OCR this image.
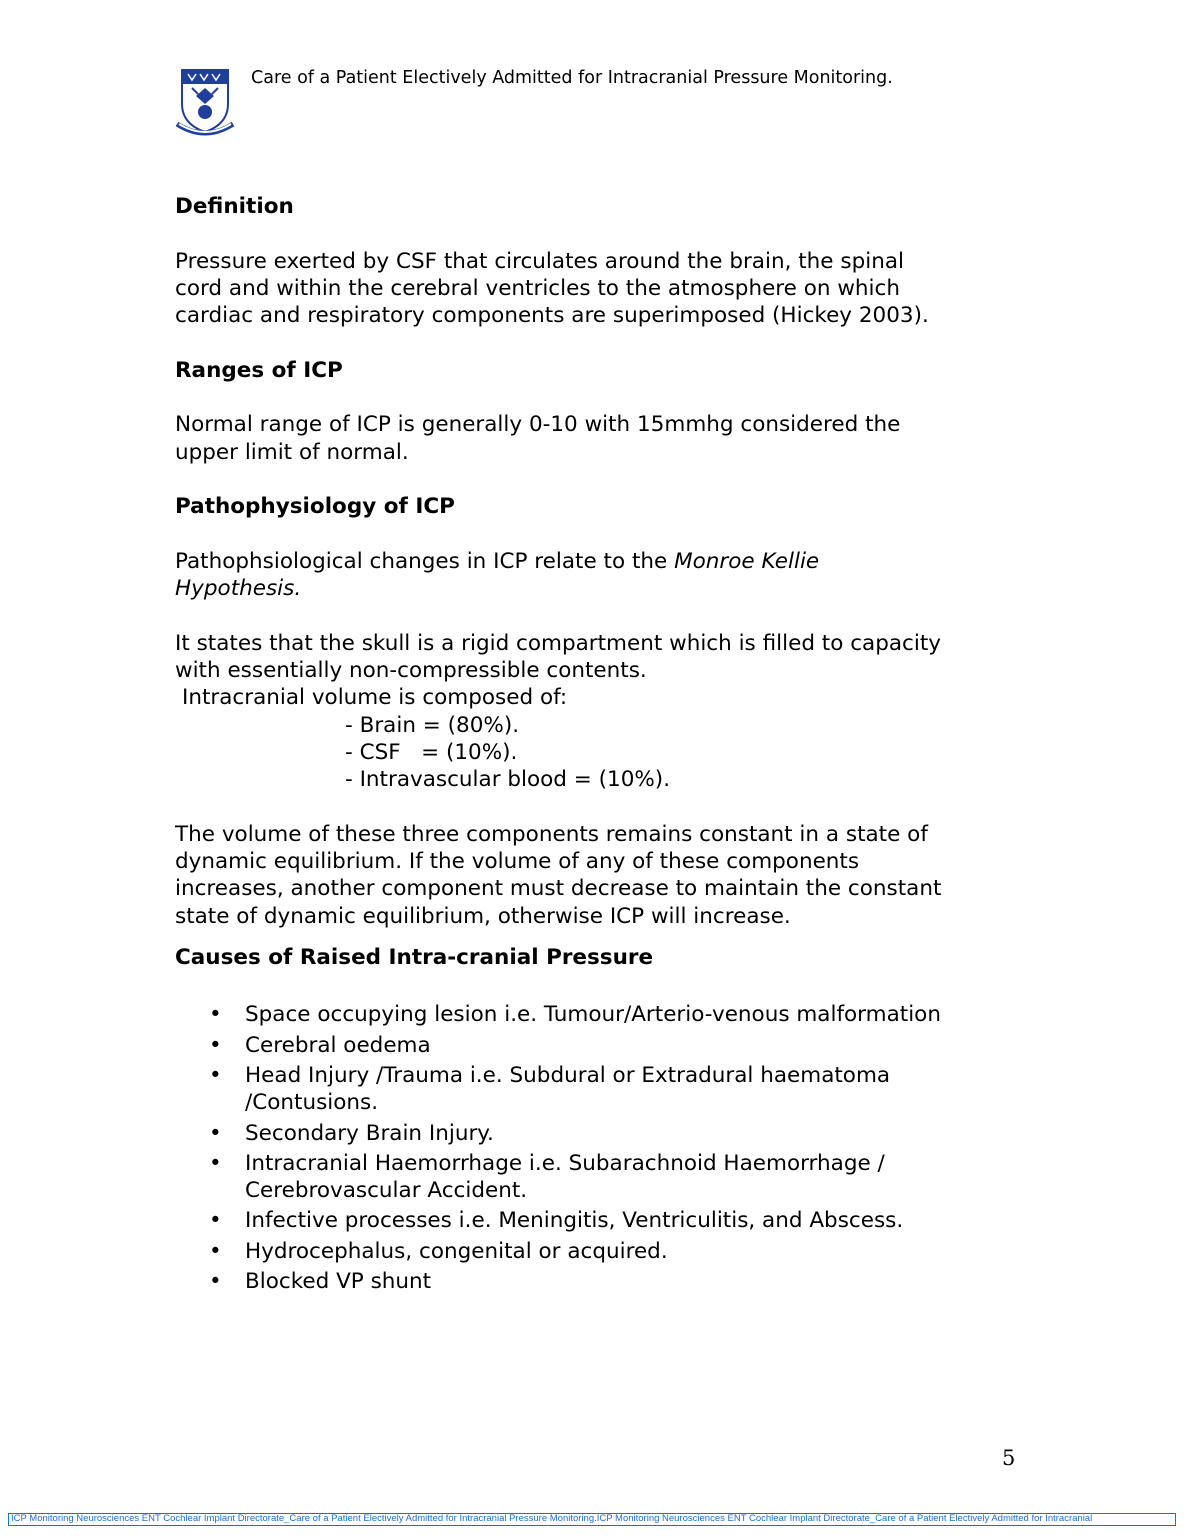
Care of a Patient Electively Admitted for Intracranial Pressure Monitoring.

Definition

Pressure exerted by CSF that circulates around the brain, the spinal

cord and within the cerebral ventricles to the atmosphere on which

cardiac and respiratory components are superimposed (Hickey 2003).

Ranges of ICP

Normal range of ICP is generally 0-10 with 15mmhg considered the

upper limit of normal.

Pathophysiology of ICP

Pathophsiological changes in ICP relate to the Monroe Kellie

Hypothesis.

It states that the skull is a rigid compartment which is filled to capacity

with essentially non-compressible contents.

Intracranial volume is composed of:

- Brain = (80%).

- CSF   = (10%).

- Intravascular blood = (10%).

The volume of these three components remains constant in a state of

dynamic equilibrium. If the volume of any of these components

increases, another component must decrease to maintain the constant

state of dynamic equilibrium, otherwise ICP will increase.

Causes of Raised Intra-cranial Pressure

• Space occupying lesion i.e. Tumour/Arterio-venous malformation
• Cerebral oedema
• Head Injury /Trauma i.e. Subdural or Extradural haematoma
/Contusions.
• Secondary Brain Injury.
• Intracranial Haemorrhage i.e. Subarachnoid Haemorrhage /
Cerebrovascular Accident.
• Infective processes i.e. Meningitis, Ventriculitis, and Abscess.
• Hydrocephalus, congenital or acquired.
• Blocked VP shunt
5
ICP Monitoring Neurosciences ENT Cochlear Implant Directorate_Care of a Patient Electively Admitted for Intracranial Pressure Monitoring.ICP Monitoring Neurosciences ENT Cochlear Implant Directorate_Care of a Patient Electively Admitted for Intracranial
